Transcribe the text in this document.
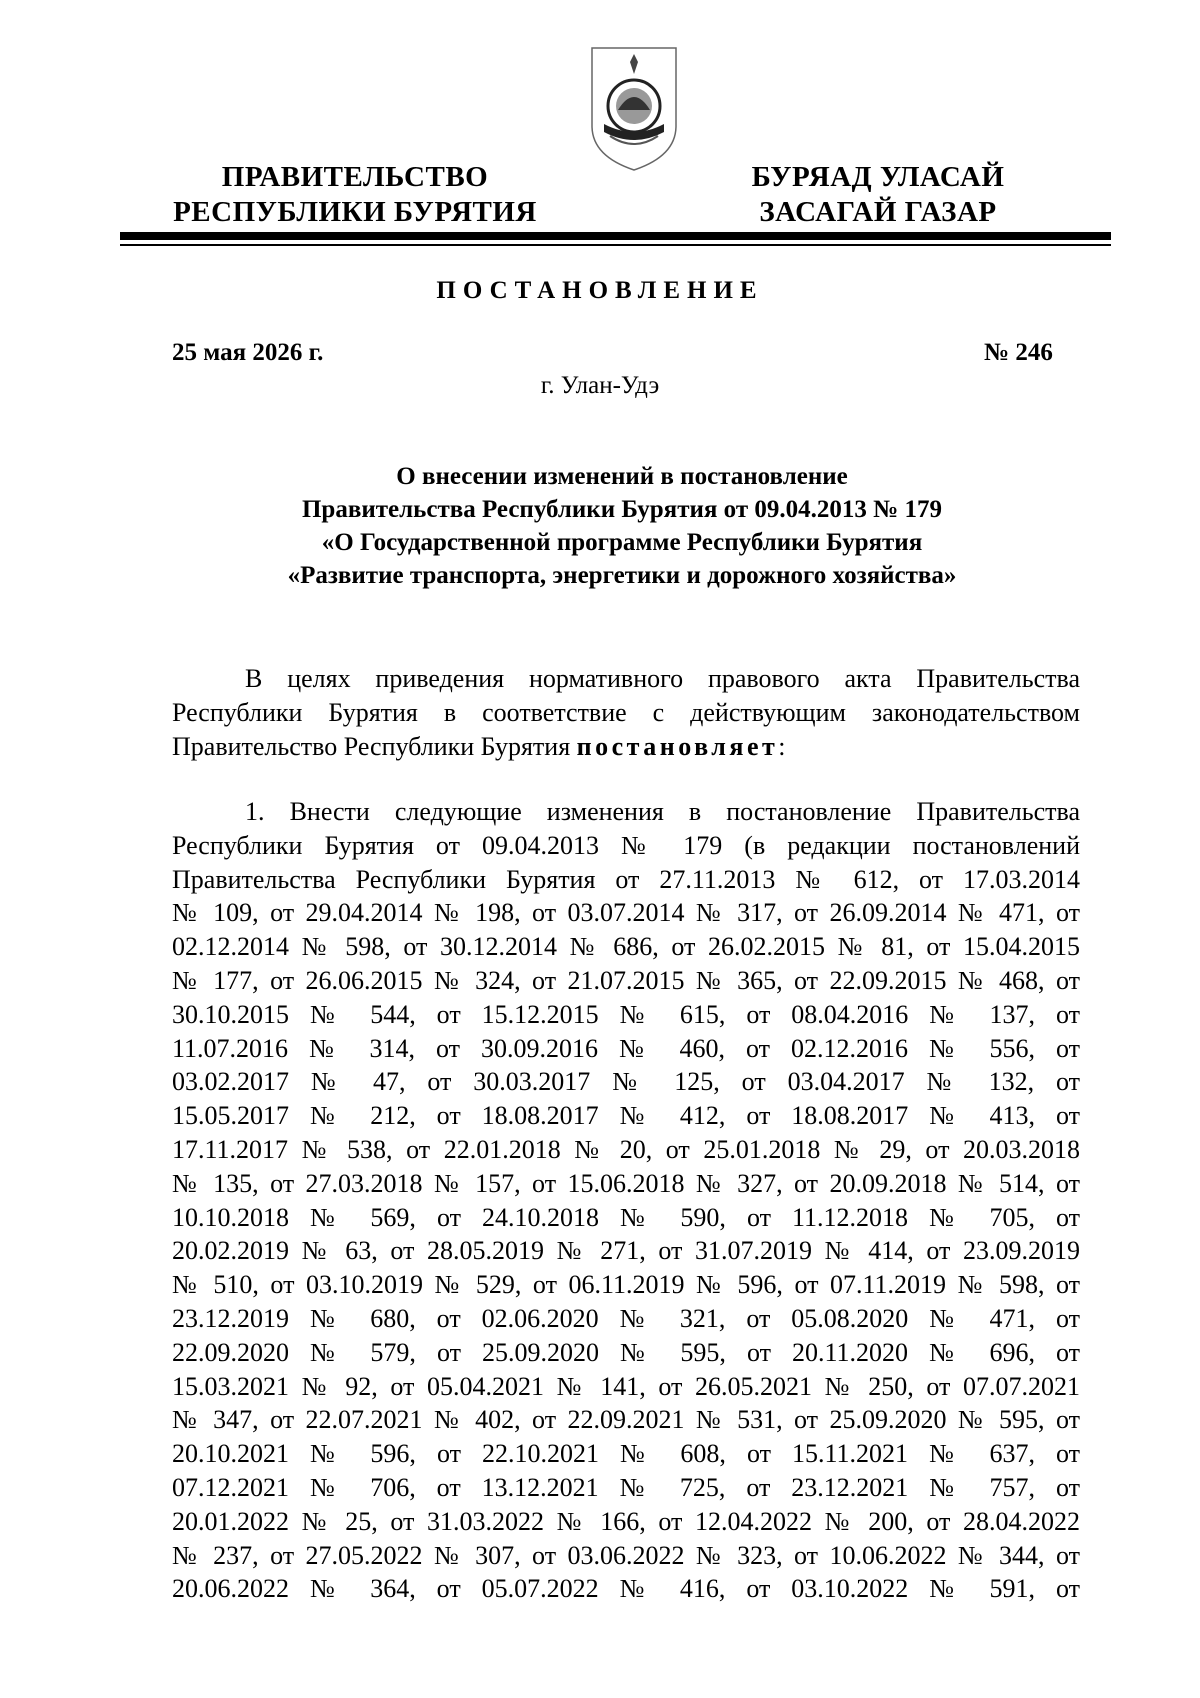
ПРАВИТЕЛЬСТВО
РЕСПУБЛИКИ БУРЯТИЯ
БУРЯАД УЛАСАЙ
ЗАСАГАЙ ГАЗАР
ПОСТАНОВЛЕНИЕ
25 мая 2026 г.	№ 246
г. Улан-Удэ
О внесении изменений в постановление
Правительства Республики Бурятия от 09.04.2013 № 179
«О Государственной программе Республики Бурятия
«Развитие транспорта, энергетики и дорожного хозяйства»
В целях приведения нормативного правового акта Правительства
Республики Бурятия в соответствие с действующим законодательством
Правительство Республики Бурятия постановляет:
1. Внести следующие изменения в постановление Правительства
Республики Бурятия от 09.04.2013 № 179 (в редакции постановлений
Правительства Республики Бурятия от 27.11.2013 № 612, от 17.03.2014
№ 109, от 29.04.2014 № 198, от 03.07.2014 № 317, от 26.09.2014 № 471, от
02.12.2014 № 598, от 30.12.2014 № 686, от 26.02.2015 № 81, от 15.04.2015
№ 177, от 26.06.2015 № 324, от 21.07.2015 № 365, от 22.09.2015 № 468, от
30.10.2015 № 544, от 15.12.2015 № 615, от 08.04.2016 № 137, от
11.07.2016 № 314, от 30.09.2016 № 460, от 02.12.2016 № 556, от
03.02.2017 № 47, от 30.03.2017 № 125, от 03.04.2017 № 132, от
15.05.2017 № 212, от 18.08.2017 № 412, от 18.08.2017 № 413, от
17.11.2017 № 538, от 22.01.2018 № 20, от 25.01.2018 № 29, от 20.03.2018
№ 135, от 27.03.2018 № 157, от 15.06.2018 № 327, от 20.09.2018 № 514, от
10.10.2018 № 569, от 24.10.2018 № 590, от 11.12.2018 № 705, от
20.02.2019 № 63, от 28.05.2019 № 271, от 31.07.2019 № 414, от 23.09.2019
№ 510, от 03.10.2019 № 529, от 06.11.2019 № 596, от 07.11.2019 № 598, от
23.12.2019 № 680, от 02.06.2020 № 321, от 05.08.2020 № 471, от
22.09.2020 № 579, от 25.09.2020 № 595, от 20.11.2020 № 696, от
15.03.2021 № 92, от 05.04.2021 № 141, от 26.05.2021 № 250, от 07.07.2021
№ 347, от 22.07.2021 № 402, от 22.09.2021 № 531, от 25.09.2020 № 595, от
20.10.2021 № 596, от 22.10.2021 № 608, от 15.11.2021 № 637, от
07.12.2021 № 706, от 13.12.2021 № 725, от 23.12.2021 № 757, от
20.01.2022 № 25, от 31.03.2022 № 166, от 12.04.2022 № 200, от 28.04.2022
№ 237, от 27.05.2022 № 307, от 03.06.2022 № 323, от 10.06.2022 № 344, от
20.06.2022 № 364, от 05.07.2022 № 416, от 03.10.2022 № 591, от
